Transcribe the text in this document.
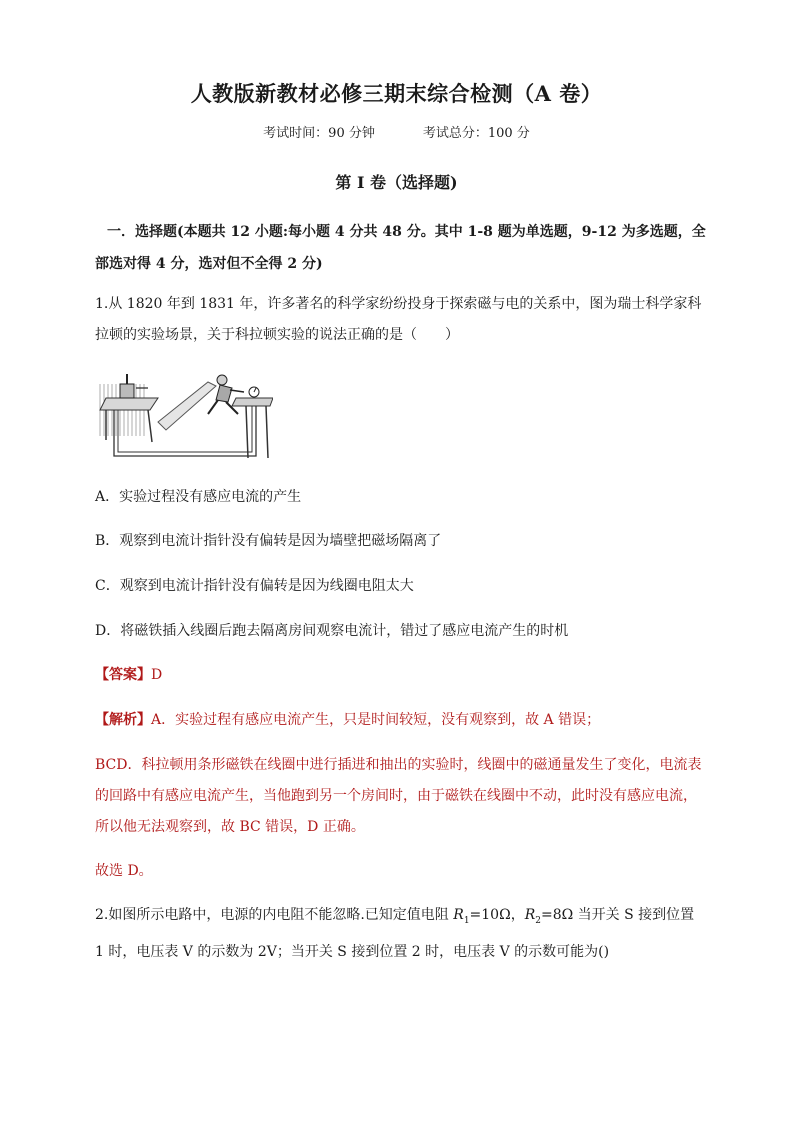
人教版新教材必修三期末综合检测（A 卷）
考试时间：90 分钟	考试总分：100 分
第 I 卷（选择题)
一．选择题(本题共 12 小题:每小题 4 分共 48 分。其中 1-8 题为单选题，9-12 为多选题，全部选对得 4 分，选对但不全得 2 分)
1.从 1820 年到 1831 年，许多著名的科学家纷纷投身于探索磁与电的关系中，图为瑞士科学家科拉顿的实验场景，关于科拉顿实验的说法正确的是（　　）
A．实验过程没有感应电流的产生
B．观察到电流计指针没有偏转是因为墙壁把磁场隔离了
C．观察到电流计指针没有偏转是因为线圈电阻太大
D．将磁铁插入线圈后跑去隔离房间观察电流计，错过了感应电流产生的时机
【答案】D
【解析】A．实验过程有感应电流产生，只是时间较短，没有观察到，故 A 错误；
BCD．科拉顿用条形磁铁在线圈中进行插进和抽出的实验时，线圈中的磁通量发生了变化，电流表的回路中有感应电流产生，当他跑到另一个房间时，由于磁铁在线圈中不动，此时没有感应电流，所以他无法观察到，故 BC 错误，D 正确。
故选 D。
2.如图所示电路中，电源的内电阻不能忽略.已知定值电阻 $R_1=10\Omega$，$R_2=8\Omega$ 当开关 S 接到位置 1 时，电压表 V 的示数为 2V；当开关 S 接到位置 2 时，电压表 V 的示数可能为()
